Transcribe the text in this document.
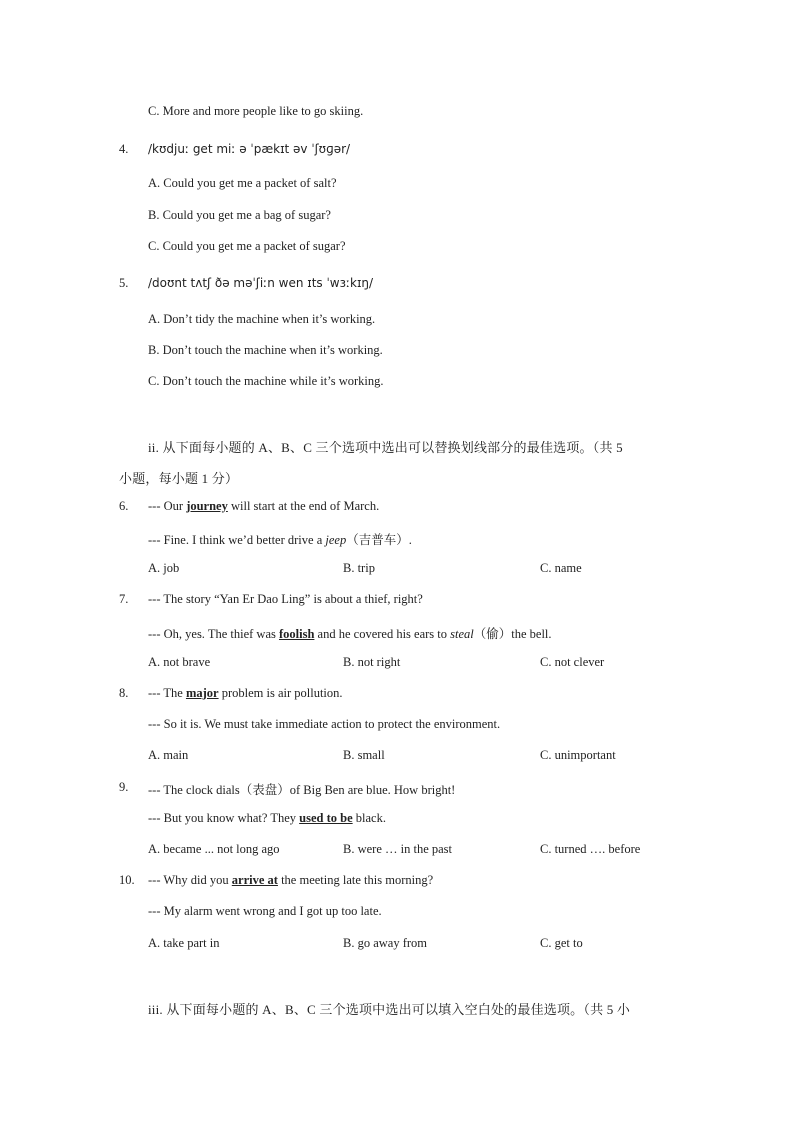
C. More and more people like to go skiing.
4. /kʊdjuː get miː ə ˈpækɪt əv ˈʃʊɡər/
A. Could you get me a packet of salt?
B. Could you get me a bag of sugar?
C. Could you get me a packet of sugar?
5. /doʊnt tʌtʃ ðə məˈʃiːn wen ɪts ˈwɜːkɪŋ/
A. Don’t tidy the machine when it’s working.
B. Don’t touch the machine when it’s working.
C. Don’t touch the machine while it’s working.
ii. 从下面每小题的 A、B、C 三个选项中选出可以替换划线部分的最佳选项。（共 5
小题，每小题 1 分）
6. --- Our journey will start at the end of March.
--- Fine. I think we’d better drive a jeep（吉普车）.
A. job	B. trip	C. name
7. --- The story “Yan Er Dao Ling” is about a thief, right?
--- Oh, yes. The thief was foolish and he covered his ears to steal（偷）the bell.
A. not brave	B. not right	C. not clever
8. --- The major problem is air pollution.
--- So it is. We must take immediate action to protect the environment.
A. main	B. small	C. unimportant
9. --- The clock dials（表盘）of Big Ben are blue. How bright!
--- But you know what? They used to be black.
A. became ... not long ago	B. were … in the past	C. turned …. before
10. --- Why did you arrive at the meeting late this morning?
--- My alarm went wrong and I got up too late.
A. take part in	B. go away from	C. get to
iii. 从下面每小题的 A、B、C 三个选项中选出可以填入空白处的最佳选项。（共 5 小
